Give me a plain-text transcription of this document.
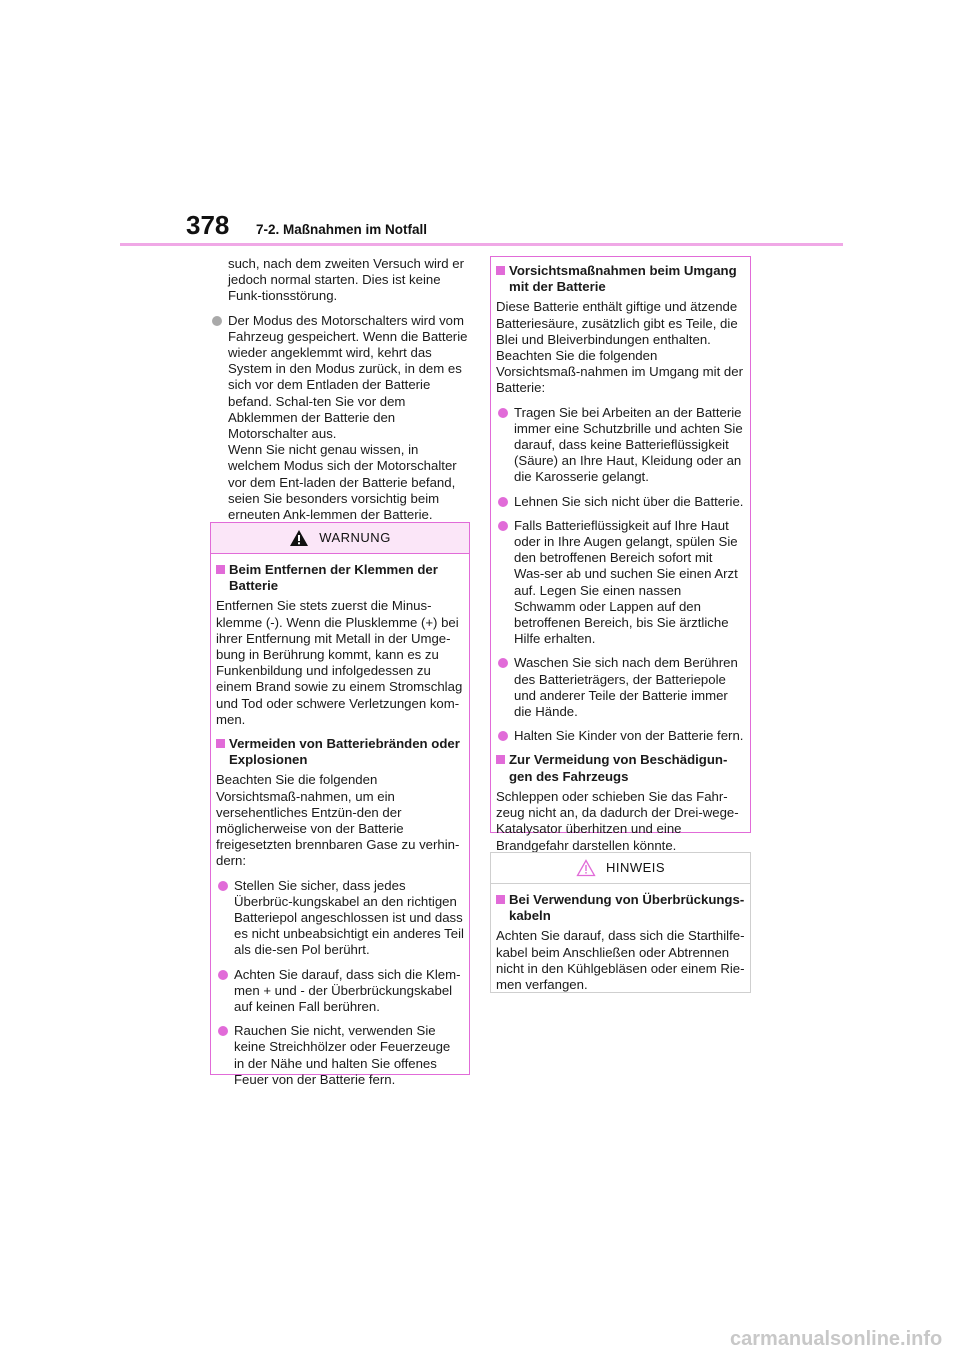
378 7-2. Maßnahmen im Notfall

such, nach dem zweiten Versuch wird er jedoch normal starten. Dies ist keine Funk-tionsstörung.

Der Modus des Motorschalters wird vom Fahrzeug gespeichert. Wenn die Batterie wieder angeklemmt wird, kehrt das System in den Modus zurück, in dem es sich vor dem Entladen der Batterie befand. Schal-ten Sie vor dem Abklemmen der Batterie den Motorschalter aus.
Wenn Sie nicht genau wissen, in welchem Modus sich der Motorschalter vor dem Ent-laden der Batterie befand, seien Sie besonders vorsichtig beim erneuten Ank-lemmen der Batterie.
WARNUNG
Beim Entfernen der Klemmen der Batterie

Entfernen Sie stets zuerst die Minus-klemme (-). Wenn die Plusklemme (+) bei ihrer Entfernung mit Metall in der Umge-bung in Berührung kommt, kann es zu Funkenbildung und infolgedessen zu einem Brand sowie zu einem Stromschlag und Tod oder schwere Verletzungen kom-men.

Vermeiden von Batteriebränden oder Explosionen

Beachten Sie die folgenden Vorsichtsmaß-nahmen, um ein versehentliches Entzün-den der möglicherweise von der Batterie freigesetzten brennbaren Gase zu verhin-dern:

Stellen Sie sicher, dass jedes Überbrüc-kungskabel an den richtigen Batteriepol angeschlossen ist und dass es nicht unbeabsichtigt ein anderes Teil als die-sen Pol berührt.
Achten Sie darauf, dass sich die Klem-men + und - der Überbrückungskabel auf keinen Fall berühren.
Rauchen Sie nicht, verwenden Sie keine Streichhölzer oder Feuerzeuge in der Nähe und halten Sie offenes Feuer von der Batterie fern.
Vorsichtsmaßnahmen beim Umgang mit der Batterie

Diese Batterie enthält giftige und ätzende Batteriesäure, zusätzlich gibt es Teile, die Blei und Bleiverbindungen enthalten. Beachten Sie die folgenden Vorsichtsmaß-nahmen im Umgang mit der Batterie:

Tragen Sie bei Arbeiten an der Batterie immer eine Schutzbrille und achten Sie darauf, dass keine Batterieflüssigkeit (Säure) an Ihre Haut, Kleidung oder an die Karosserie gelangt.
Lehnen Sie sich nicht über die Batterie.
Falls Batterieflüssigkeit auf Ihre Haut oder in Ihre Augen gelangt, spülen Sie den betroffenen Bereich sofort mit Was-ser ab und suchen Sie einen Arzt auf. Legen Sie einen nassen Schwamm oder Lappen auf den betroffenen Bereich, bis Sie ärztliche Hilfe erhalten.
Waschen Sie sich nach dem Berühren des Batterieträgers, der Batteriepole und anderer Teile der Batterie immer die Hände.
Halten Sie Kinder von der Batterie fern.
Zur Vermeidung von Beschädigun-gen des Fahrzeugs

Schleppen oder schieben Sie das Fahr-zeug nicht an, da dadurch der Drei-wege-Katalysator überhitzen und eine Brandgefahr darstellen könnte.

HINWEIS
Bei Verwendung von Überbrückungs-kabeln

Achten Sie darauf, dass sich die Starthilfe-kabel beim Anschließen oder Abtrennen nicht in den Kühlgebläsen oder einem Rie-men verfangen.

carmanualsonline.info
